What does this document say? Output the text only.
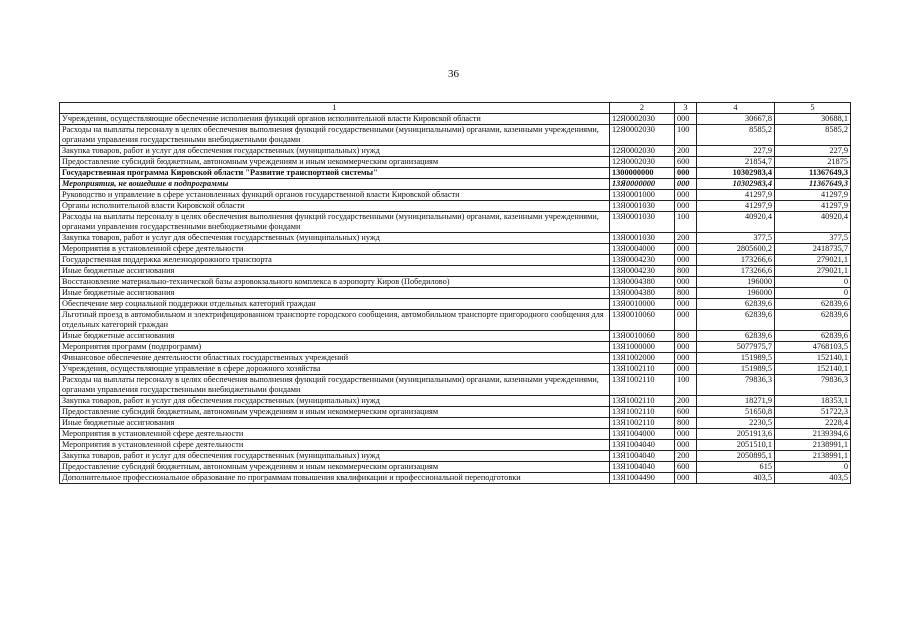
36
1	2	3	4	5
Учреждения, осуществляющие обеспечение исполнения функций органов исполнительной власти Кировской области	12Я0002030	000	30667,8	30688,1
Расходы на выплаты персоналу в целях обеспечения выполнения функций государственными (муниципальными) органами, казенными учреждениями, органами управления государственными внебюджетными фондами	12Я0002030	100	8585,2	8585,2
Закупка товаров, работ и услуг для обеспечения государственных (муниципальных) нужд	12Я0002030	200	227,9	227,9
Предоставление субсидий бюджетным, автономным учреждениям и иным некоммерческим организациям	12Я0002030	600	21854,7	21875
Государственная программа Кировской области "Развитие транспортной системы"	1300000000	000	10302983,4	11367649,3
Мероприятия, не вошедшие в подпрограммы	13Я0000000	000	10302983,4	11367649,3
Руководство и управление в сфере установленных функций органов государственной власти Кировской области	13Я0001000	000	41297,9	41297,9
Органы исполнительной власти Кировской области	13Я0001030	000	41297,9	41297,9
Расходы на выплаты персоналу в целях обеспечения выполнения функций государственными (муниципальными) органами, казенными учреждениями, органами управления государственными внебюджетными фондами	13Я0001030	100	40920,4	40920,4
Закупка товаров, работ и услуг для обеспечения государственных (муниципальных) нужд	13Я0001030	200	377,5	377,5
Мероприятия в установленной сфере деятельности	13Я0004000	000	2805600,2	2418735,7
Государственная поддержка железнодорожного транспорта	13Я0004230	000	173266,6	279021,1
Иные бюджетные ассигнования	13Я0004230	800	173266,6	279021,1
Восстановление материально-технической базы аэровокзального комплекса в аэропорту Киров (Победилово)	13Я0004380	000	196000	0
Иные бюджетные ассигнования	13Я0004380	800	196000	0
Обеспечение мер социальной поддержки отдельных категорий граждан	13Я0010000	000	62839,6	62839,6
Льготный проезд в автомобильном и электрифицированном транспорте городского сообщения, автомобильном транспорте пригородного сообщения для отдельных категорий граждан	13Я0010060	000	62839,6	62839,6
Иные бюджетные ассигнования	13Я0010060	800	62839,6	62839,6
Мероприятия программ (подпрограмм)	13Я1000000	000	5077975,7	4768103,5
Финансовое обеспечение деятельности областных государственных учреждений	13Я1002000	000	151989,5	152140,1
Учреждения, осуществляющие управление в сфере дорожного хозяйства	13Я1002110	000	151989,5	152140,1
Расходы на выплаты персоналу в целях обеспечения выполнения функций государственными (муниципальными) органами, казенными учреждениями, органами управления государственными внебюджетными фондами	13Я1002110	100	79836,3	79836,3
Закупка товаров, работ и услуг для обеспечения государственных (муниципальных) нужд	13Я1002110	200	18271,9	18353,1
Предоставление субсидий бюджетным, автономным учреждениям и иным некоммерческим организациям	13Я1002110	600	51650,8	51722,3
Иные бюджетные ассигнования	13Я1002110	800	2230,5	2228,4
Мероприятия в установленной сфере деятельности	13Я1004000	000	2051913,6	2139394,6
Мероприятия в установленной сфере деятельности	13Я1004040	000	2051510,1	2138991,1
Закупка товаров, работ и услуг для обеспечения государственных (муниципальных) нужд	13Я1004040	200	2050895,1	2138991,1
Предоставление субсидий бюджетным, автономным учреждениям и иным некоммерческим организациям	13Я1004040	600	615	0
Дополнительное профессиональное образование по программам повышения квалификации и профессиональной переподготовки	13Я1004490	000	403,5	403,5
